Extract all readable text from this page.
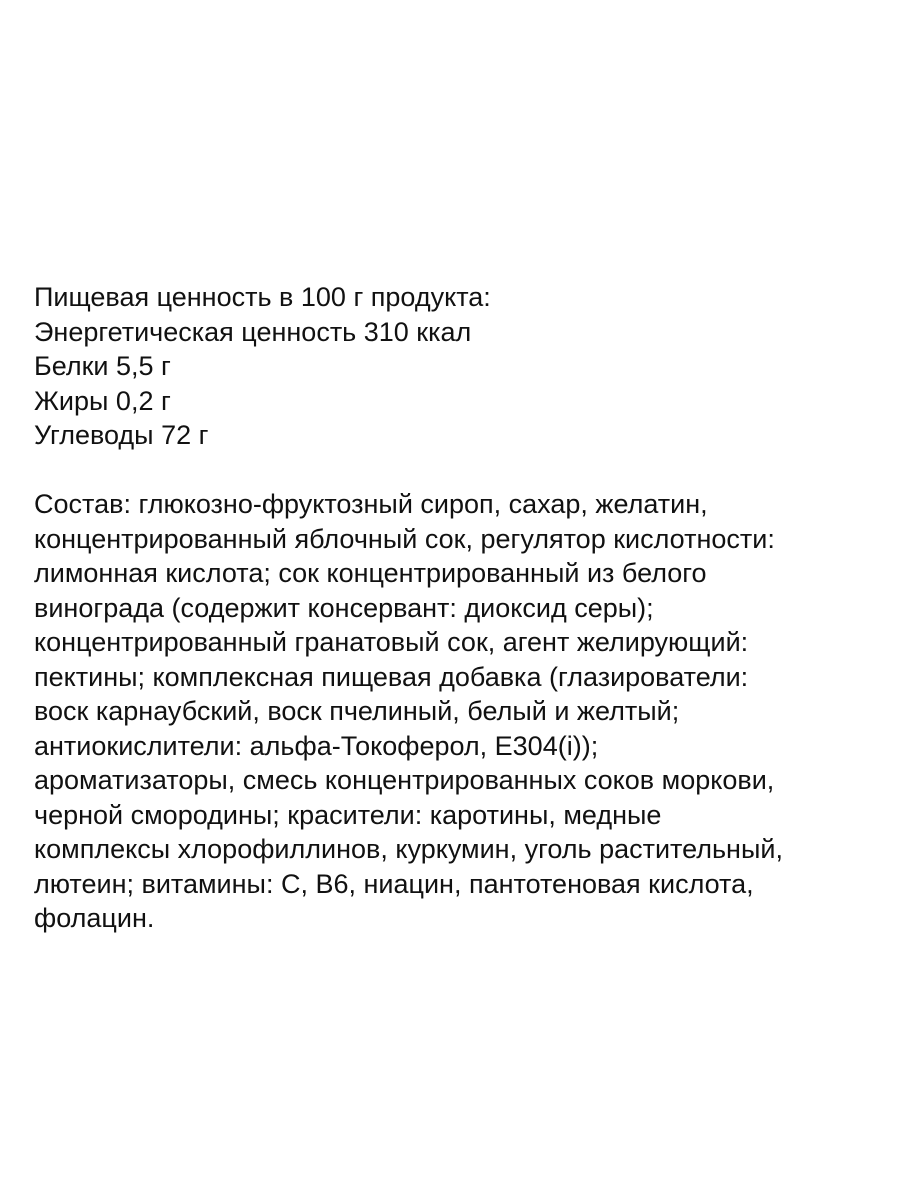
Пищевая ценность в 100 г продукта:
Энергетическая ценность 310 ккал
Белки 5,5 г
Жиры 0,2 г
Углеводы 72 г
Состав: глюкозно-фруктозный сироп, сахар, желатин,
концентрированный яблочный сок, регулятор кислотности:
лимонная кислота; сок концентрированный из белого
винограда (содержит консервант: диоксид серы);
концентрированный гранатовый сок, агент желирующий:
пектины; комплексная пищевая добавка (глазирователи:
воск карнаубский, воск пчелиный, белый и желтый;
антиокислители: альфа-Токоферол, Е304(i));
ароматизаторы, смесь концентрированных соков моркови,
черной смородины; красители: каротины, медные
комплексы хлорофиллинов, куркумин, уголь растительный,
лютеин; витамины: С, В6, ниацин, пантотеновая кислота,
фолацин.
